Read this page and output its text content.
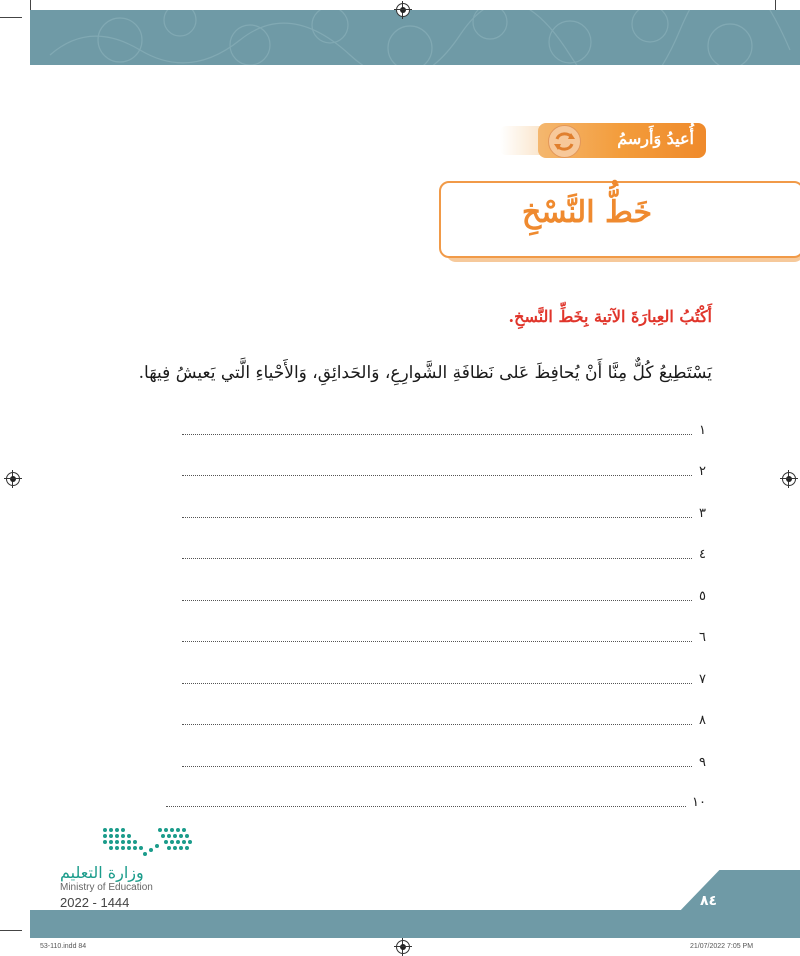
أُعيدُ وَأَرسمُ
خَطُّ النَّسْخِ
أَكْتُبُ العِبارَةَ الآتية بِخَطِّ النَّسخِ.
يَسْتَطِيعُ كُلٌّ مِنَّا أَنْ يُحافِظَ عَلى نَظافَةِ الشَّوارِعِ، وَالحَدائِقِ، وَالأَحْياءِ الَّتي يَعيشُ فِيهَا.
١
٢
٣
٤
٥
٦
٧
٨
٩
١٠
وزارة التعليم
Ministry of Education
2022 - 1444	٨٤
53-110.indd 84	21/07/2022 7:05 PM
